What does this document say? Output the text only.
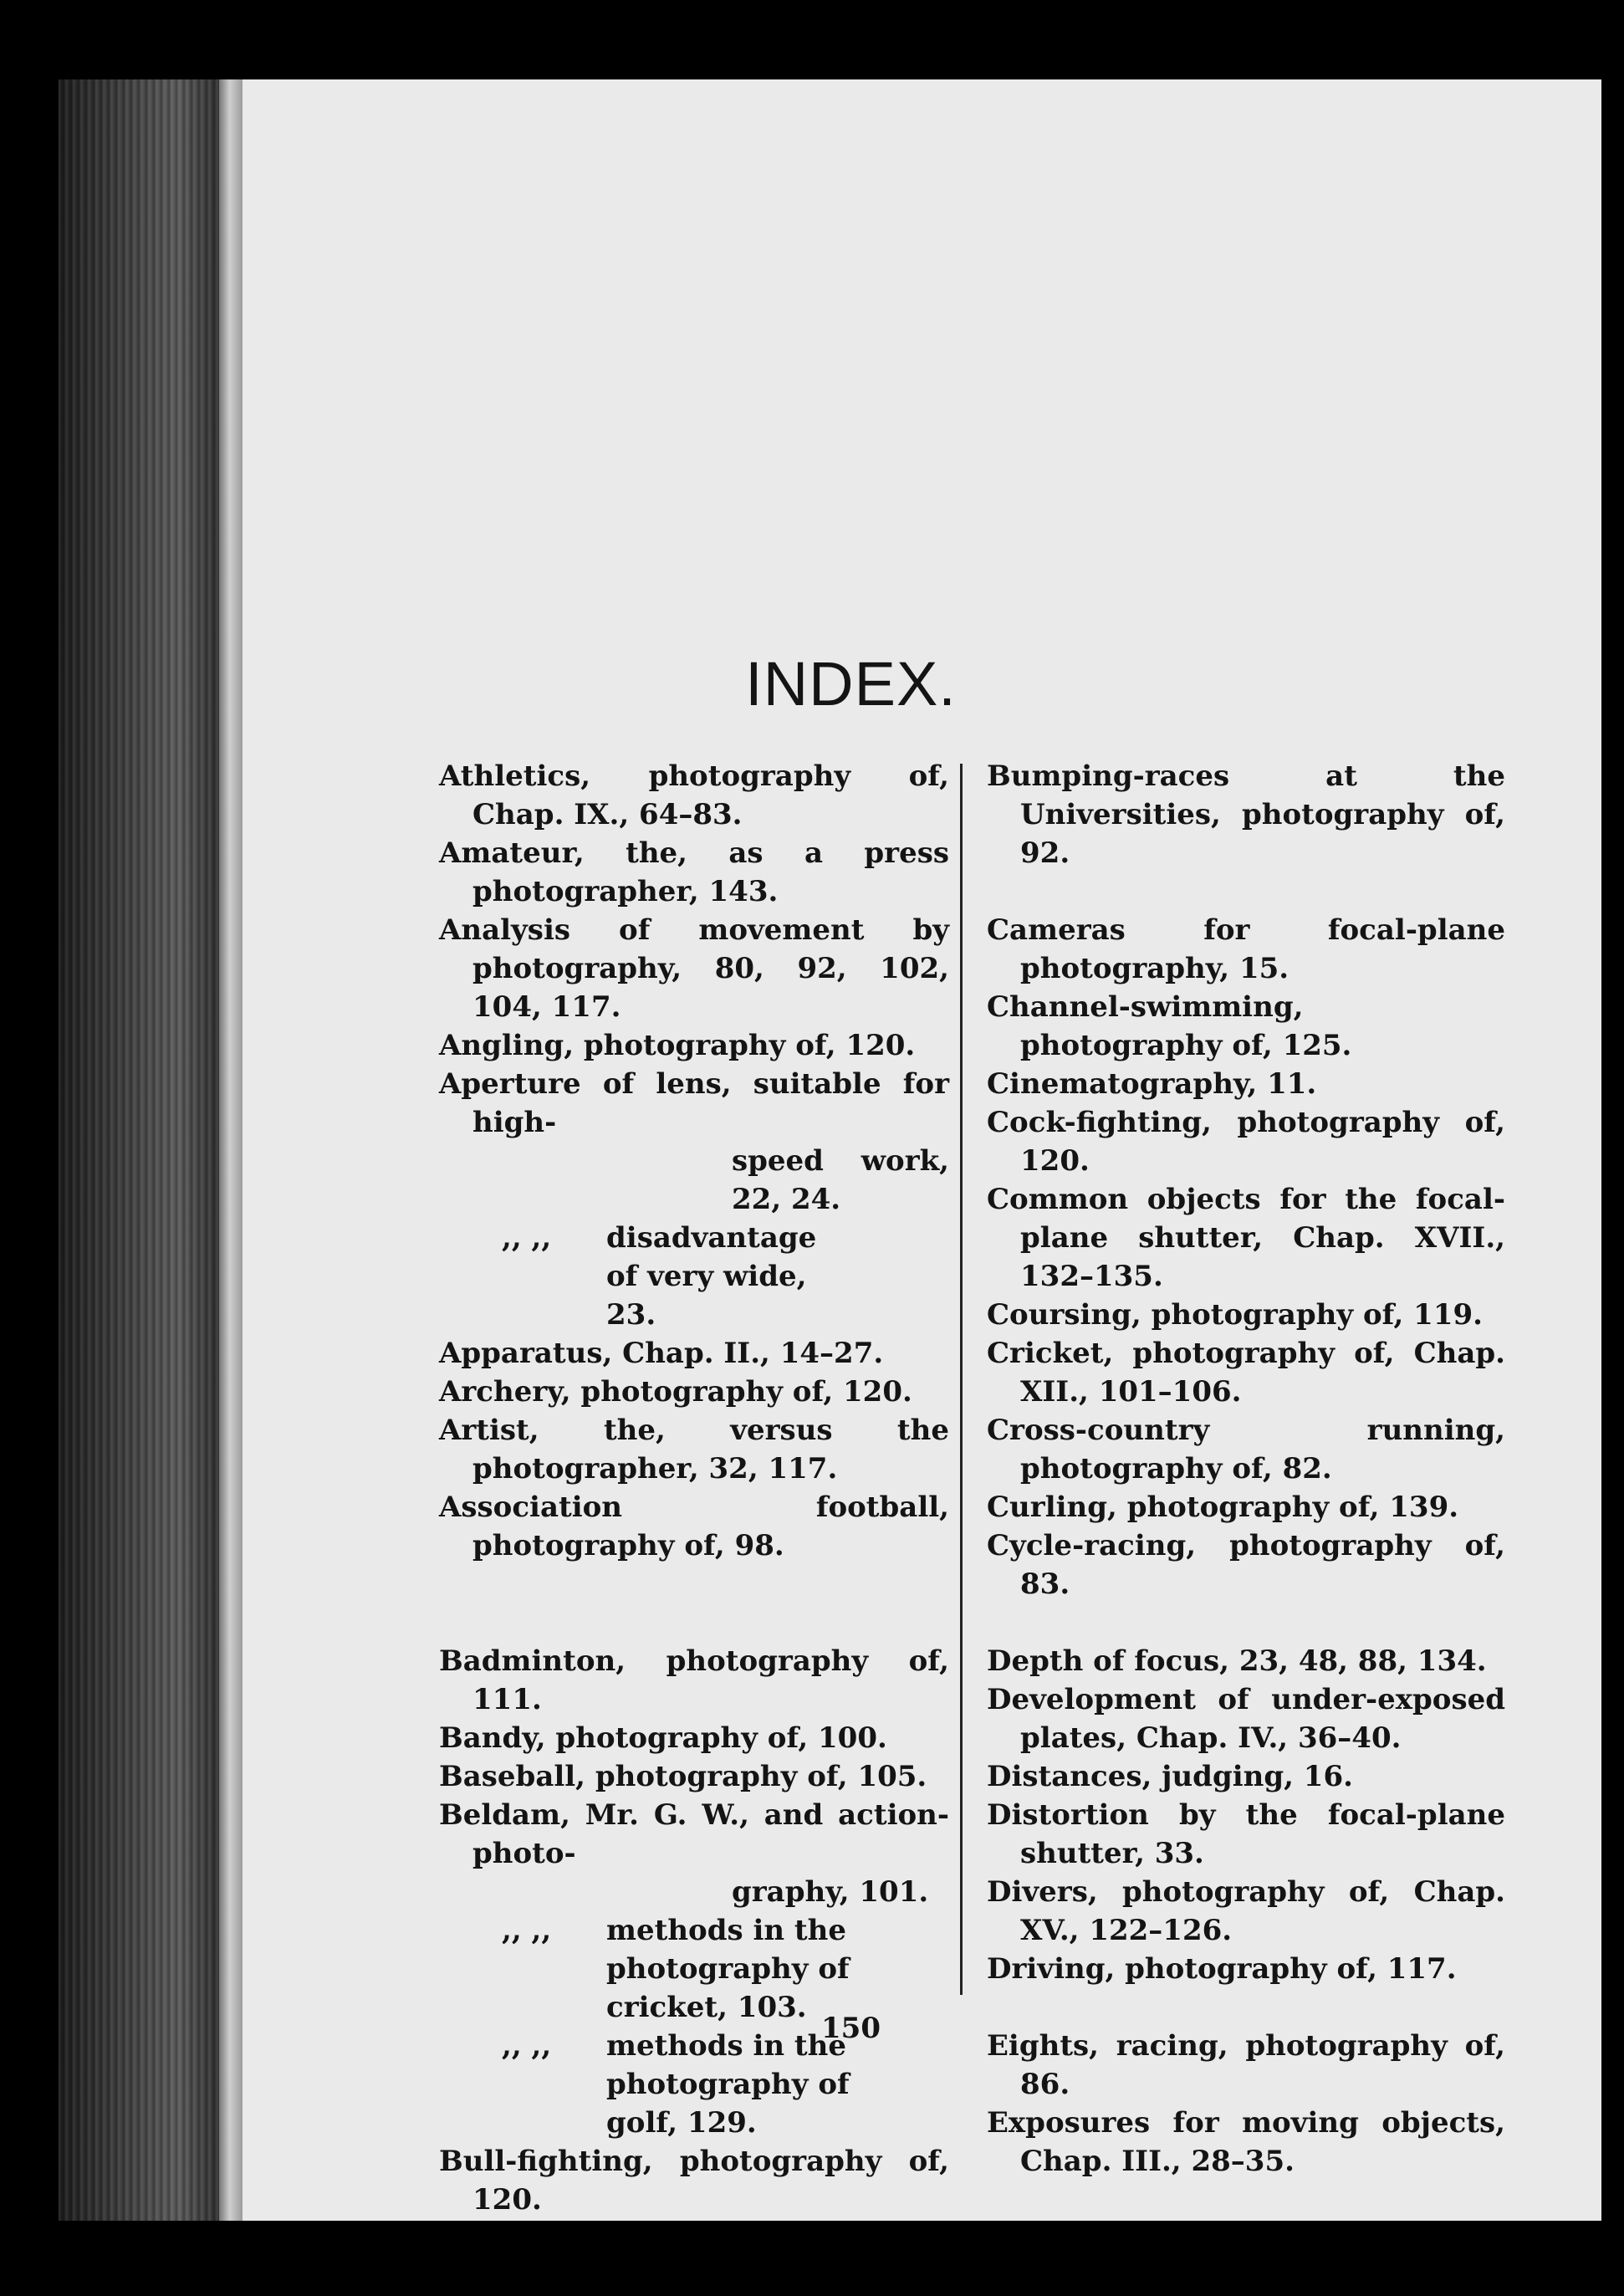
INDEX.
Athletics, photography of, Chap. IX., 64–83.
Amateur, the, as a press photographer, 143.
Analysis of movement by photography, 80, 92, 102, 104, 117.
Angling, photography of, 120.
Aperture of lens, suitable for high-
speed work, 22, 24.
,, ,, disadvantage of very wide, 23.
Apparatus, Chap. II., 14–27.
Archery, photography of, 120.
Artist, the, versus the photographer, 32, 117.
Association football, photography of, 98.
Badminton, photography of, 111.
Bandy, photography of, 100.
Baseball, photography of, 105.
Beldam, Mr. G. W., and action-photo-
graphy, 101.
,, ,, methods in the photography of cricket, 103.
,, ,, methods in the photography of golf, 129.
Bull-fighting, photography of, 120.
Bumping-races at the Universities, photography of, 92.
Cameras for focal-plane photography, 15.
Channel-swimming, photography of, 125.
Cinematography, 11.
Cock-fighting, photography of, 120.
Common objects for the focal-plane shutter, Chap. XVII., 132–135.
Coursing, photography of, 119.
Cricket, photography of, Chap. XII., 101–106.
Cross-country running, photography of, 82.
Curling, photography of, 139.
Cycle-racing, photography of, 83.
Depth of focus, 23, 48, 88, 134.
Development of under-exposed plates, Chap. IV., 36–40.
Distances, judging, 16.
Distortion by the focal-plane shutter, 33.
Divers, photography of, Chap. XV., 122–126.
Driving, photography of, 117.
Eights, racing, photography of, 86.
Exposures for moving objects, Chap. III., 28–35.
150
